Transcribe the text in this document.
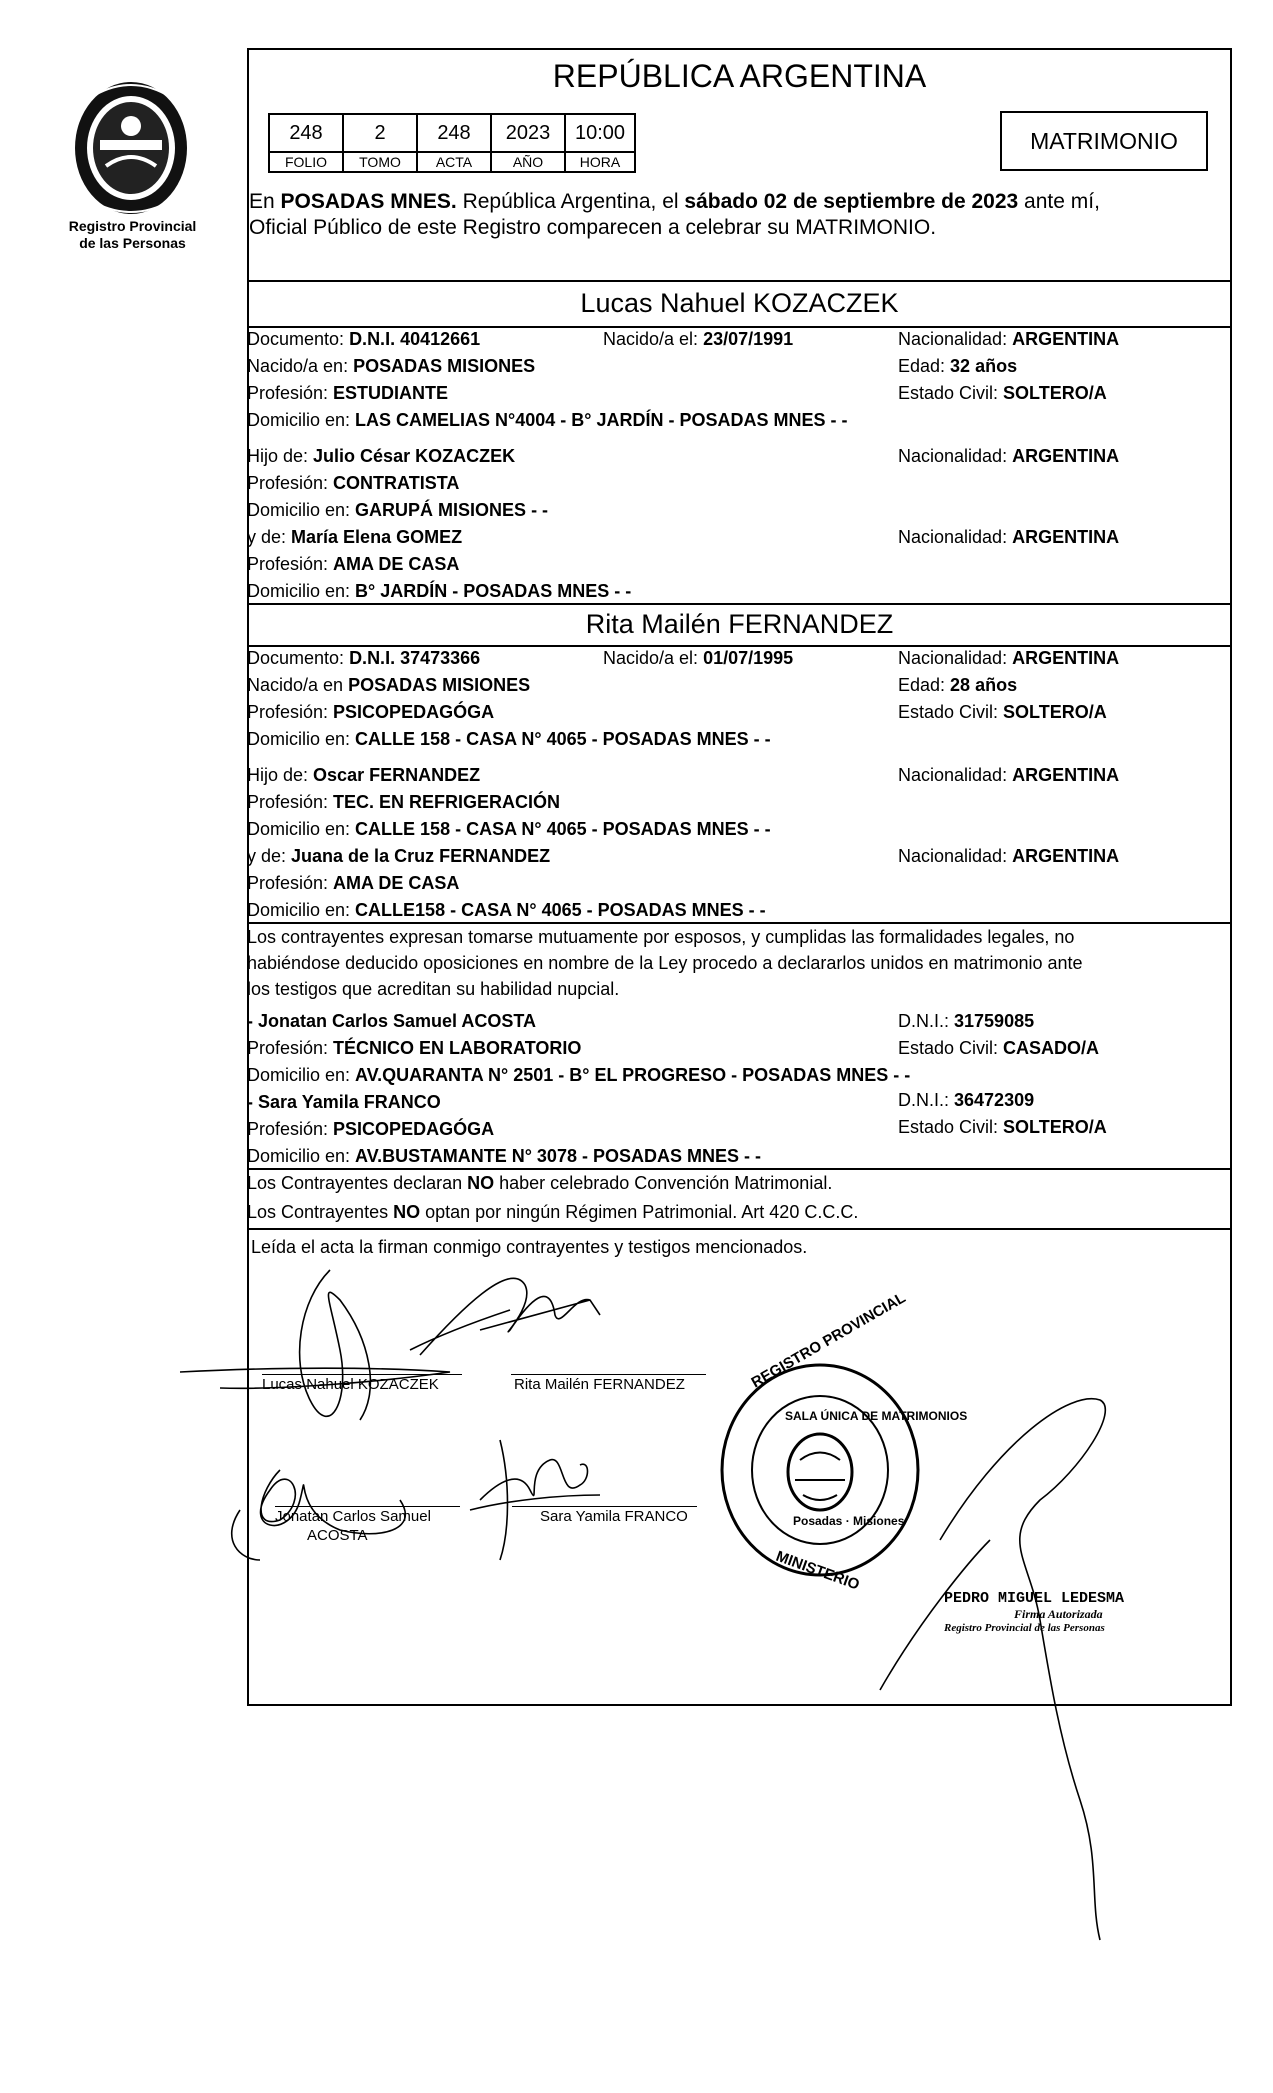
Registro Provincial
de las Personas
REPÚBLICA ARGENTINA
248	2	248	2023	10:00
FOLIO	TOMO	ACTA	AÑO	HORA
MATRIMONIO
En POSADAS MNES. República Argentina, el sábado 02 de septiembre de 2023 ante mí,
Oficial Público de este Registro comparecen a celebrar su MATRIMONIO.
Lucas Nahuel KOZACZEK
Documento: D.N.I. 40412661	Nacido/a el: 23/07/1991	Nacionalidad: ARGENTINA
Nacido/a en: POSADAS MISIONES	Edad: 32 años
Profesión: ESTUDIANTE	Estado Civil: SOLTERO/A
Domicilio en: LAS CAMELIAS N°4004 - B° JARDÍN - POSADAS MNES - -
Hijo de: Julio César KOZACZEK	Nacionalidad: ARGENTINA
Profesión: CONTRATISTA
Domicilio en: GARUPÁ MISIONES - -
y de: María Elena GOMEZ	Nacionalidad: ARGENTINA
Profesión: AMA DE CASA
Domicilio en: B° JARDÍN - POSADAS MNES - -
Rita Mailén FERNANDEZ
Documento: D.N.I. 37473366	Nacido/a el: 01/07/1995	Nacionalidad: ARGENTINA
Nacido/a en POSADAS MISIONES	Edad: 28 años
Profesión: PSICOPEDAGÓGA	Estado Civil: SOLTERO/A
Domicilio en: CALLE 158 - CASA N° 4065 - POSADAS MNES - -
Hijo de: Oscar FERNANDEZ	Nacionalidad: ARGENTINA
Profesión: TEC. EN REFRIGERACIÓN
Domicilio en: CALLE 158 - CASA N° 4065 - POSADAS MNES - -
y de: Juana de la Cruz FERNANDEZ	Nacionalidad: ARGENTINA
Profesión: AMA DE CASA
Domicilio en: CALLE158 - CASA N° 4065 - POSADAS MNES - -
Los contrayentes expresan tomarse mutuamente por esposos, y cumplidas las formalidades legales, no
habiéndose deducido oposiciones en nombre de la Ley procedo a declararlos unidos en matrimonio ante
los testigos que acreditan su habilidad nupcial.
- Jonatan Carlos Samuel ACOSTA	D.N.I.: 31759085
Profesión: TÉCNICO EN LABORATORIO	Estado Civil: CASADO/A
Domicilio en: AV.QUARANTA N° 2501 - B° EL PROGRESO - POSADAS MNES - -
- Sara Yamila FRANCO	D.N.I.: 36472309
Profesión: PSICOPEDAGÓGA	Estado Civil: SOLTERO/A
Domicilio en: AV.BUSTAMANTE N° 3078 - POSADAS MNES - -
Los Contrayentes declaran NO haber celebrado Convención Matrimonial.
Los Contrayentes NO optan por ningún Régimen Patrimonial. Art 420 C.C.C.
Leída el acta la firman conmigo contrayentes y testigos mencionados.
Lucas Nahuel KOZACZEK	Rita Mailén FERNANDEZ
Jonatan Carlos Samuel
ACOSTA
Sara Yamila FRANCO
REGISTRO PROVINCIAL
MINISTERIO
Posadas · Misiones
SALA ÚNICA DE MATRIMONIOS
PEDRO MIGUEL LEDESMA
Firma Autorizada
Registro Provincial de las Personas
